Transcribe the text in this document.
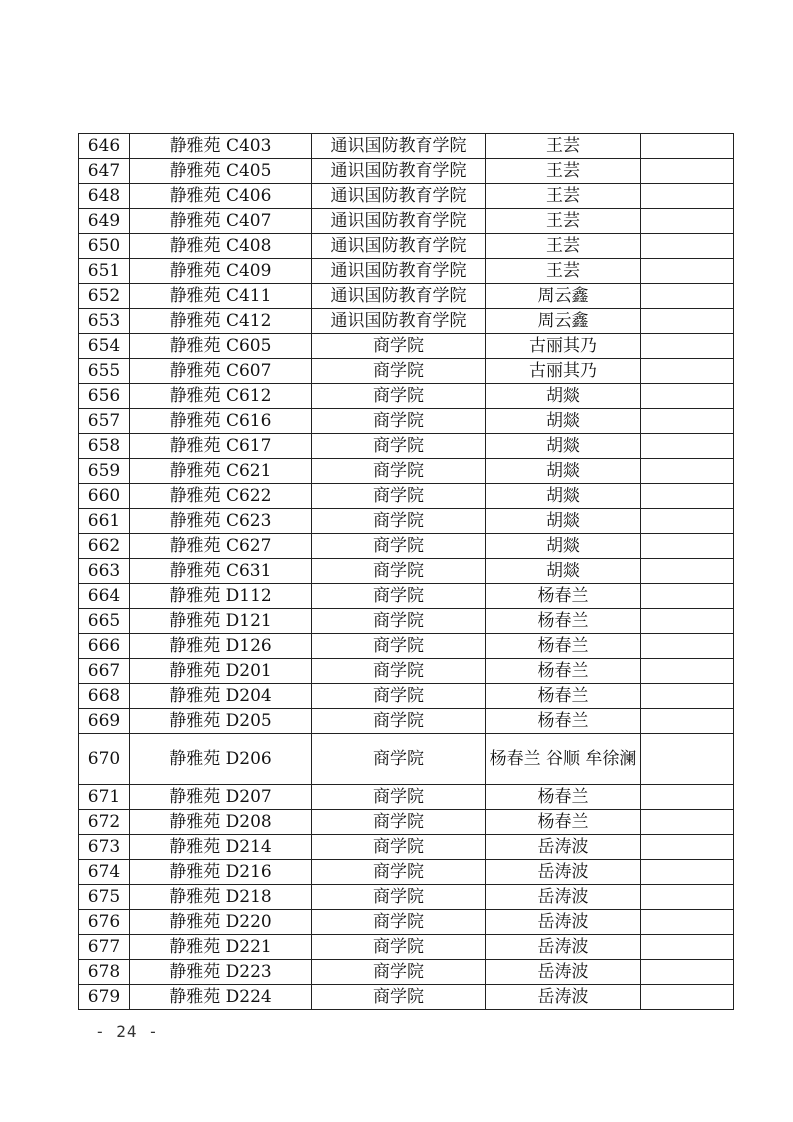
646	静雅苑 C403	通识国防教育学院	王芸	
647	静雅苑 C405	通识国防教育学院	王芸	
648	静雅苑 C406	通识国防教育学院	王芸	
649	静雅苑 C407	通识国防教育学院	王芸	
650	静雅苑 C408	通识国防教育学院	王芸	
651	静雅苑 C409	通识国防教育学院	王芸	
652	静雅苑 C411	通识国防教育学院	周云鑫	
653	静雅苑 C412	通识国防教育学院	周云鑫	
654	静雅苑 C605	商学院	古丽其乃	
655	静雅苑 C607	商学院	古丽其乃	
656	静雅苑 C612	商学院	胡燚	
657	静雅苑 C616	商学院	胡燚	
658	静雅苑 C617	商学院	胡燚	
659	静雅苑 C621	商学院	胡燚	
660	静雅苑 C622	商学院	胡燚	
661	静雅苑 C623	商学院	胡燚	
662	静雅苑 C627	商学院	胡燚	
663	静雅苑 C631	商学院	胡燚	
664	静雅苑 D112	商学院	杨春兰	
665	静雅苑 D121	商学院	杨春兰	
666	静雅苑 D126	商学院	杨春兰	
667	静雅苑 D201	商学院	杨春兰	
668	静雅苑 D204	商学院	杨春兰	
669	静雅苑 D205	商学院	杨春兰	
670	静雅苑 D206	商学院	杨春兰 谷顺 牟徐澜	
671	静雅苑 D207	商学院	杨春兰	
672	静雅苑 D208	商学院	杨春兰	
673	静雅苑 D214	商学院	岳涛波	
674	静雅苑 D216	商学院	岳涛波	
675	静雅苑 D218	商学院	岳涛波	
676	静雅苑 D220	商学院	岳涛波	
677	静雅苑 D221	商学院	岳涛波	
678	静雅苑 D223	商学院	岳涛波	
679	静雅苑 D224	商学院	岳涛波	
- 24 -
